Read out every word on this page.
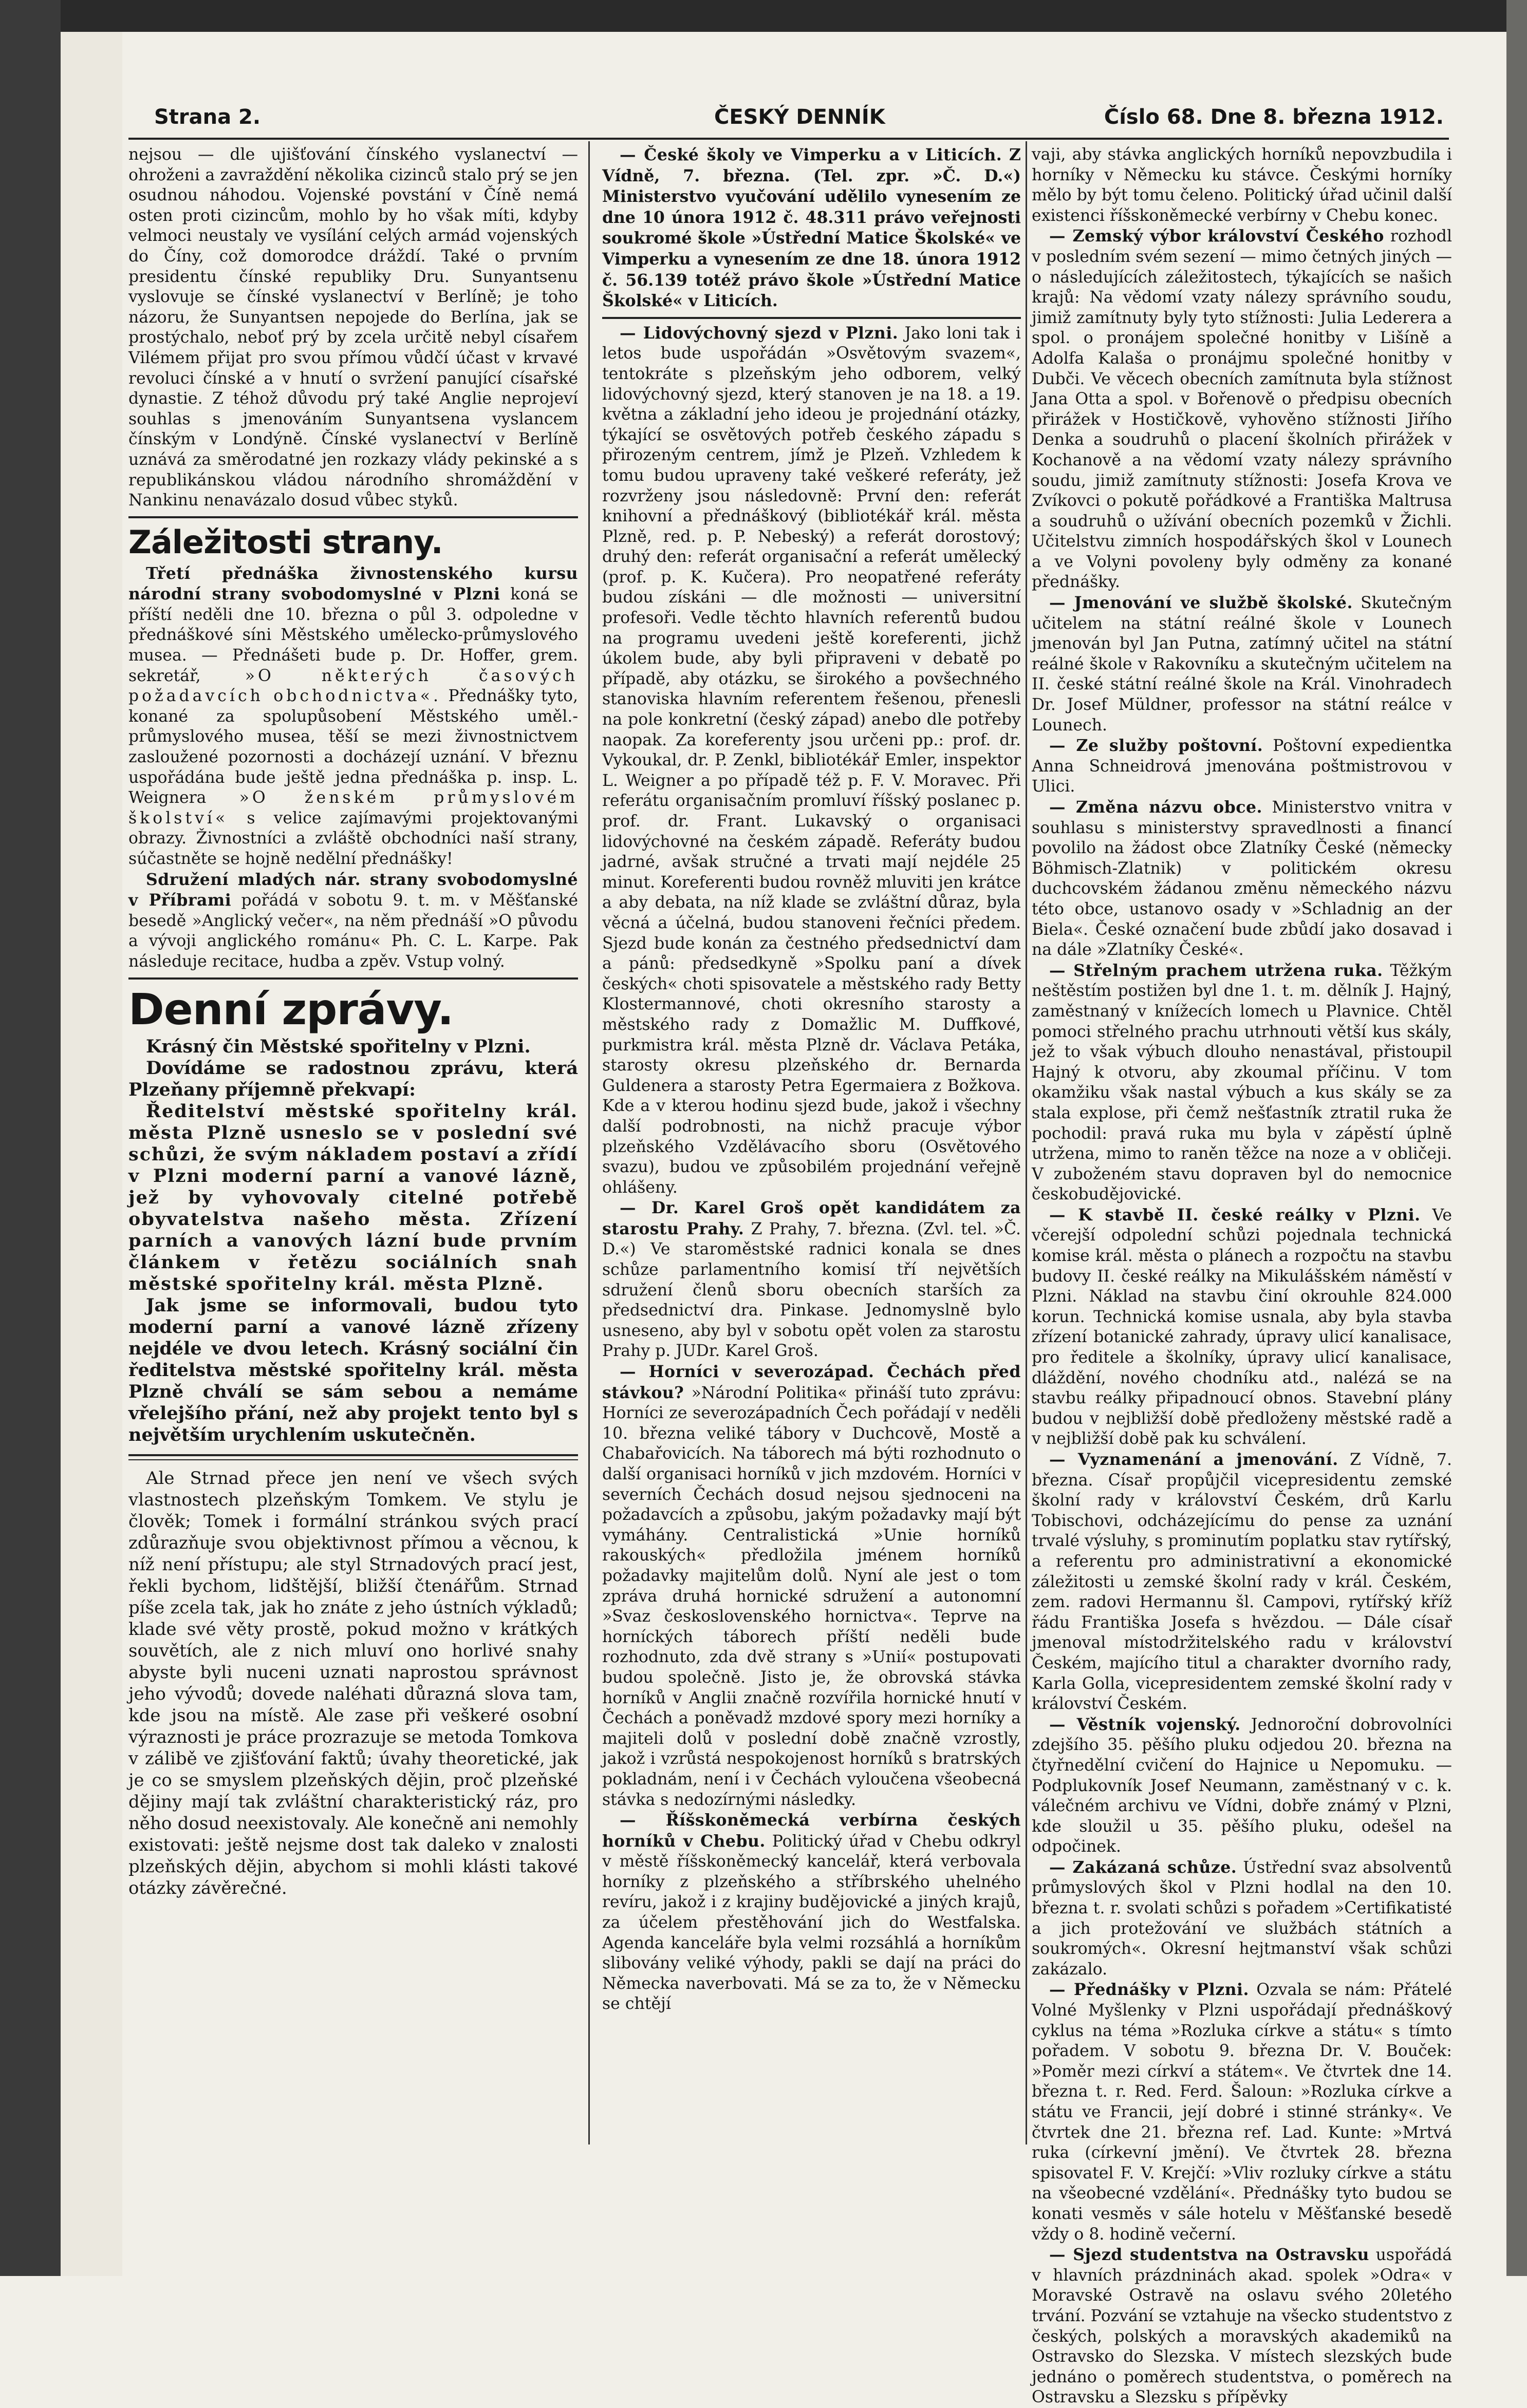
Strana 2.	ČESKÝ DENNÍK	Číslo 68. Dne 8. března 1912.

nejsou — dle ujišťování čínského vyslanectví — ohroženi a zavraždění několika cizinců stalo prý se jen osudnou náhodou. Vojenské povstání v Číně nemá osten proti cizincům, mohlo by ho však míti, kdyby velmoci neustaly ve vysílání celých armád vojenských do Číny, což domorodce dráždí. Také o prvním presidentu čínské republiky Dru. Sunyantsenu vyslovuje se čínské vyslanectví v Berlíně; je toho názoru, že Sunyantsen nepojede do Berlína, jak se prostýchalo, neboť prý by zcela určitě nebyl císařem Vilémem přijat pro svou přímou vůdčí účast v krvavé revoluci čínské a v hnutí o svržení panující císařské dynastie. Z téhož důvodu prý také Anglie neprojeví souhlas s jmenováním Sunyantsena vyslancem čínským v Londýně. Čínské vyslanectví v Berlíně uznává za směrodatné jen rozkazy vlády pekinské a s republikánskou vládou národního shromáždění v Nankinu nenavázalo dosud vůbec styků.

Záležitosti strany.

Třetí přednáška živnostenského kursu národní strany svobodomyslné v Plzni koná se příští neděli dne 10. března o půl 3. odpoledne v přednáškové síni Městského umělecko-průmyslového musea. — Přednášeti bude p. Dr. Hoffer, grem. sekretář,	»O některých časových požadavcích obchodnictva«. Přednášky tyto, konané za spolupůsobení Městského uměl.-průmyslového musea, těší se mezi živnostnictvem zasloužené pozornosti a docházejí uznání. V březnu uspořádána bude ještě jedna přednáška p. insp. L. Weignera »O ženském průmyslovém školství« s velice zajímavými projektovanými obrazy. Živnostníci a zvláště obchodníci naší strany, súčastněte se hojně nedělní přednášky!

Sdružení mladých nár. strany svobodomyslné v Příbrami pořádá v sobotu 9. t. m. v Měšťanské besedě »Anglický večer«, na něm přednáší »O původu a vývoji anglického románu« Ph. C. L. Karpe. Pak následuje recitace, hudba a zpěv. Vstup volný.

Denní zprávy.

Krásný čin Městské spořitelny v Plzni.

Dovídáme se radostnou zprávu, která Plzeňany příjemně překvapí:

Ředitelství městské spořitelny král. města Plzně usneslo se v poslední své schůzi, že svým nákladem postaví a zřídí v Plzni moderní parní a vanové lázně, jež by vyhovovaly citelné potřebě obyvatelstva našeho města. Zřízení parních a vanových lázní bude prvním článkem v řetězu sociálních snah městské spořitelny král. města Plzně.

Jak jsme se informovali, budou tyto moderní parní a vanové lázně zřízeny nejdéle ve dvou letech. Krásný sociální čin ředitelstva městské spořitelny král. města Plzně chválí se sám sebou a nemáme vřelejšího přání, než aby projekt tento byl s největším urychlením uskutečněn.

Ale Strnad přece jen není ve všech svých vlastnostech plzeňským Tomkem. Ve stylu je člověk; Tomek i formální stránkou svých prací zdůrazňuje svou objektivnost přímou a věcnou, k níž není přístupu; ale styl Strnadových prací jest, řekli bychom, lidštější, bližší čtenářům. Strnad píše zcela tak, jak ho znáte z jeho ústních výkladů; klade své věty prostě, pokud možno v krátkých souvětích, ale z nich mluví ono horlivé snahy abyste byli nuceni uznati naprostou správnost jeho vývodů; dovede naléhati důrazná slova tam, kde jsou na místě. Ale zase při veškeré osobní výraznosti je práce prozrazuje se metoda Tomkova v zálibě ve zjišťování faktů; úvahy theoretické, jak je co se smyslem plzeňských dějin, proč plzeňské dějiny mají tak zvláštní charakteristický ráz, pro něho dosud neexistovaly. Ale konečně ani nemohly existovati: ještě nejsme dost tak daleko v znalosti plzeňských dějin, abychom si mohli klásti takové otázky závěrečné.

— České školy ve Vimperku a v Liticích. Z Vídně, 7. března. (Tel. zpr. »Č. D.«) Ministerstvo vyučování udělilo vynesením ze dne 10 února 1912 č. 48.311 právo veřejnosti soukromé škole »Ústřední Matice Školské« ve Vimperku a vynesením ze dne 18. února 1912 č. 56.139 totéž právo škole »Ústřední Matice Školské« v Liticích.

— Lidovýchovný sjezd v Plzni. Jako loni tak i letos bude uspořádán »Osvětovým svazem«, tentokráte s plzeňským jeho odborem, velký lidovýchovný sjezd, který stanoven je na 18. a 19. května a základní jeho ideou je projednání otázky, týkající se osvětových potřeb českého západu s přirozeným centrem, jímž je Plzeň. Vzhledem k tomu budou upraveny také veškeré referáty, jež rozvrženy jsou následovně: První den: referát knihovní a přednáškový (bibliotékář král. města Plzně, red. p. P. Nebeský) a referát dorostový; druhý den: referát organisační a referát umělecký (prof. p. K. Kučera). Pro neopatřené referáty budou získáni — dle možnosti — universitní profesoři. Vedle těchto hlavních referentů budou na programu uvedeni ještě koreferenti, jichž úkolem bude, aby byli připraveni v debatě po případě, aby otázku, se širokého a povšechného stanoviska hlavním referentem řešenou, přenesli na pole konkretní (český západ) anebo dle potřeby naopak. Za koreferenty jsou určeni pp.: prof. dr. Vykoukal, dr. P. Zenkl, bibliotékář Emler, inspektor L. Weigner a po případě též p. F. V. Moravec. Při referátu organisačním promluví říšský poslanec p. prof. dr. Frant. Lukavský o organisaci lidovýchovné na českém západě. Referáty budou jadrné, avšak stručné a trvati mají nejdéle 25 minut. Koreferenti budou rovněž mluviti jen krátce a aby debata, na níž klade se zvláštní důraz, byla věcná a účelná, budou stanoveni řečníci předem. Sjezd bude konán za čestného předsednictví dam a pánů: předsedkyně »Spolku paní a dívek českých« choti spisovatele a městského rady Betty Klostermannové, choti okresního starosty a městského rady z Domažlic M. Duffkové, purkmistra král. města Plzně dr. Václava Petáka, starosty okresu plzeňského dr. Bernarda Guldenera a starosty Petra Egermaiera z Božkova. Kde a v kterou hodinu sjezd bude, jakož i všechny další podrobnosti, na nichž pracuje výbor plzeňského Vzdělávacího sboru (Osvětového svazu), budou ve způsobilém projednání veřejně ohlášeny.

— Dr. Karel Groš opět kandidátem za starostu Prahy. Z Prahy, 7. března. (Zvl. tel. »Č. D.«) Ve staroměstské radnici konala se dnes schůze parlamentního komisí tří největších sdružení členů sboru obecních starších za předsednictví dra. Pinkase. Jednomyslně bylo usneseno, aby byl v sobotu opět volen za starostu Prahy p. JUDr. Karel Groš.

— Horníci v severozápad. Čechách před stávkou? »Národní Politika« přináší tuto zprávu: Horníci ze severozápadních Čech pořádají v neděli 10. března veliké tábory v Duchcově, Mostě a Chabařovicích. Na táborech má býti rozhodnuto o další organisaci horníků v jich mzdovém. Horníci v severních Čechách dosud nejsou sjednoceni na požadavcích a způsobu, jakým požadavky mají být vymáhány. Centralistická »Unie horníků rakouských« předložila jménem horníků požadavky majitelům dolů. Nyní ale jest o tom zpráva druhá hornické sdružení a autonomní »Svaz československého hornictva«. Teprve na horníckých táborech příští neděli bude rozhodnuto, zda dvě strany s »Unií« postupovati budou společně. Jisto je, že obrovská stávka horníků v Anglii značně rozvířila hornické hnutí v Čechách a poněvadž mzdové spory mezi horníky a majiteli dolů v poslední době značně vzrostly, jakož i vzrůstá nespokojenost horníků s bratrských pokladnám, není i v Čechách vyloučena všeobecná stávka s nedozírnými následky.

— Říšskoněmecká verbírna českých horníků v Chebu. Politický úřad v Chebu odkryl v městě říšskoněmecký kancelář, která verbovala horníky z plzeňského a stříbrského uhelného revíru, jakož i z krajiny budějovické a jiných krajů, za účelem přestěhování jich do Westfalska. Agenda kanceláře byla velmi rozsáhlá a horníkům slibovány veliké výhody, pakli se dají na práci do Německa naverbovati. Má se za to, že v Německu se chtějí

vaji, aby stávka anglických horníků nepovzbudila i horníky v Německu ku stávce. Českými horníky mělo by být tomu čeleno. Politický úřad učinil další existenci říšskoněmecké verbírny v Chebu konec.

— Zemský výbor království Českého rozhodl v posledním svém sezení — mimo četných jiných — o následujících záležitostech, týkajících se našich krajů: Na vědomí vzaty nálezy správního soudu, jimiž zamítnuty byly tyto stížnosti: Julia Lederera a spol. o pronájem společné honitby v Lišíně a Adolfa Kalaša o pronájmu společné honitby v Dubči. Ve věcech obecních zamítnuta byla stížnost Jana Otta a spol. v Bořenově o předpisu obecních přirážek v Hostičkově, vyhověno stížnosti Jiřího Denka a soudruhů o placení školních přirážek v Kochanově a na vědomí vzaty nálezy správního soudu, jimiž zamítnuty stížnosti: Josefa Krova ve Zvíkovci o pokutě pořádkové a Františka Maltrusa a soudruhů o užívání obecních pozemků v Žichli. Učitelstvu zimních hospodářských škol v Lounech a ve Volyni povoleny byly odměny za konané přednášky.

— Jmenování ve službě školské. Skutečným učitelem na státní reálné škole v Lounech jmenován byl Jan Putna, zatímný učitel na státní reálné škole v Rakovníku a skutečným učitelem na II. české státní reálné škole na Král. Vinohradech Dr. Josef Müldner, professor na státní reálce v Lounech.

— Ze služby poštovní. Poštovní expedientka Anna Schneidrová jmenována poštmistrovou v Ulici.

— Změna názvu obce. Ministerstvo vnitra v souhlasu s ministerstvy spravedlnosti a financí povolilo na žádost obce Zlatníky České (německy Böhmisch-Zlatnik) v politickém okresu duchcovském žádanou změnu německého názvu této obce, ustanovo osady v »Schladnig an der Biela«. České označení bude zbůdí jako dosavad i na dále »Zlatníky České«.

— Střelným prachem utržena ruka. Těžkým neštěstím postižen byl dne 1. t. m. dělník J. Hajný, zaměstnaný v knížecích lomech u Plavnice. Chtěl pomoci střelného prachu utrhnouti větší kus skály, jež to však výbuch dlouho nenastával, přistoupil Hajný k otvoru, aby zkoumal příčinu. V tom okamžiku však nastal výbuch a kus skály se za stala explose, při čemž nešťastník ztratil ruka že pochodil: pravá ruka mu byla v zápěstí úplně utržena, mimo to raněn těžce na noze a v obličeji. V zuboženém stavu dopraven byl do nemocnice českobudějovické.

— K stavbě II. české reálky v Plzni. Ve včerejší odpolední schůzi pojednala technická komise král. města o plánech a rozpočtu na stavbu budovy II. české reálky na Mikulášském náměstí v Plzni. Náklad na stavbu činí okrouhle 824.000 korun. Technická komise usnala, aby byla stavba zřízení botanické zahrady, úpravy ulicí kanalisace, pro ředitele a školníky, úpravy ulicí kanalisace, dláždění, nového chodníku atd., nalézá se na stavbu reálky připadnoucí obnos. Stavební plány budou v nejbližší době předloženy městské radě a v nejbližší době pak ku schválení.

— Vyznamenání a jmenování. Z Vídně, 7. března. Císař propůjčil vicepresidentu zemské školní rady v království Českém, drů Karlu Tobischovi, odcházejícímu do pense za uznání trvalé výsluhy, s prominutím poplatku stav rytířský, a referentu pro administrativní a ekonomické záležitosti u zemské školní rady v král. Českém, zem. radovi Hermannu šl. Campovi, rytířský kříž řádu Františka Josefa s hvězdou. — Dále císař jmenoval místodržitelského radu v království Českém, majícího titul a charakter dvorního rady, Karla Golla, vicepresidentem zemské školní rady v království Českém.

— Věstník vojenský. Jednoroční dobrovolníci zdejšího 35. pěšího pluku odjedou 20. března na čtyřnedělní cvičení do Hajnice u Nepomuku. — Podplukovník Josef Neumann, zaměstnaný v c. k. válečném archivu ve Vídni, dobře známý v Plzni, kde sloužil u 35. pěšího pluku, odešel na odpočinek.

— Zakázaná schůze. Ústřední svaz absolventů průmyslových škol v Plzni hodlal na den 10. března t. r. svolati schůzi s pořadem »Certifikatisté a jich protežování ve službách státních a soukromých«. Okresní hejtmanství však schůzi zakázalo.

— Přednášky v Plzni. Ozvala se nám: Přátelé Volné Myšlenky v Plzni uspořádají přednáškový cyklus na téma »Rozluka církve a státu« s tímto pořadem. V sobotu 9. března Dr. V. Bouček: »Poměr mezi církví a státem«. Ve čtvrtek dne 14. března t. r. Red. Ferd. Šaloun: »Rozluka církve a státu ve Francii, její dobré i stinné stránky«. Ve čtvrtek dne 21. března ref. Lad. Kunte: »Mrtvá ruka (církevní jmění). Ve čtvrtek 28. března spisovatel F. V. Krejčí: »Vliv rozluky církve a státu na všeobecné vzdělání«. Přednášky tyto budou se konati vesměs v sále hotelu v Měšťanské besedě vždy o 8. hodině večerní.

— Sjezd studentstva na Ostravsku uspořádá v hlavních prázdninách akad. spolek »Odra« v Moravské Ostravě na oslavu svého 20letého trvání. Pozvání se vztahuje na všecko studentstvo z českých, polských a moravských akademiků na Ostravsko do Slezska. V místech slezských bude jednáno o poměrech studentstva, o poměrech na Ostravsku a Slezsku s přípěvky
